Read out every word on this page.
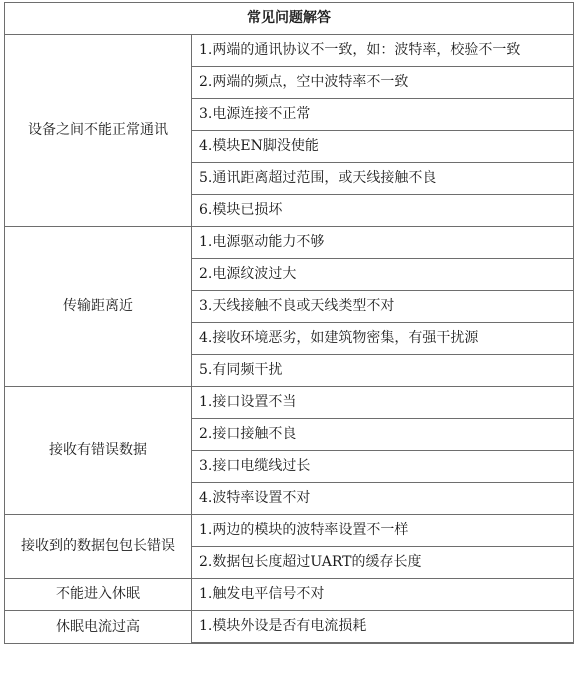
常见问题解答	
设备之间不能正常通讯	1.两端的通讯协议不一致，如：波特率，校验不一致
	2.两端的频点，空中波特率不一致
	3.电源连接不正常
	4.模块EN脚没使能
	5.通讯距离超过范围，或天线接触不良
	6.模块已损坏
传输距离近	1.电源驱动能力不够
	2.电源纹波过大
	3.天线接触不良或天线类型不对
	4.接收环境恶劣，如建筑物密集，有强干扰源
	5.有同频干扰
接收有错误数据	1.接口设置不当
	2.接口接触不良
	3.接口电缆线过长
	4.波特率设置不对
接收到的数据包包长错误	1.两边的模块的波特率设置不一样
	2.数据包长度超过UART的缓存长度
不能进入休眠	1.触发电平信号不对
休眠电流过高	1.模块外设是否有电流损耗
